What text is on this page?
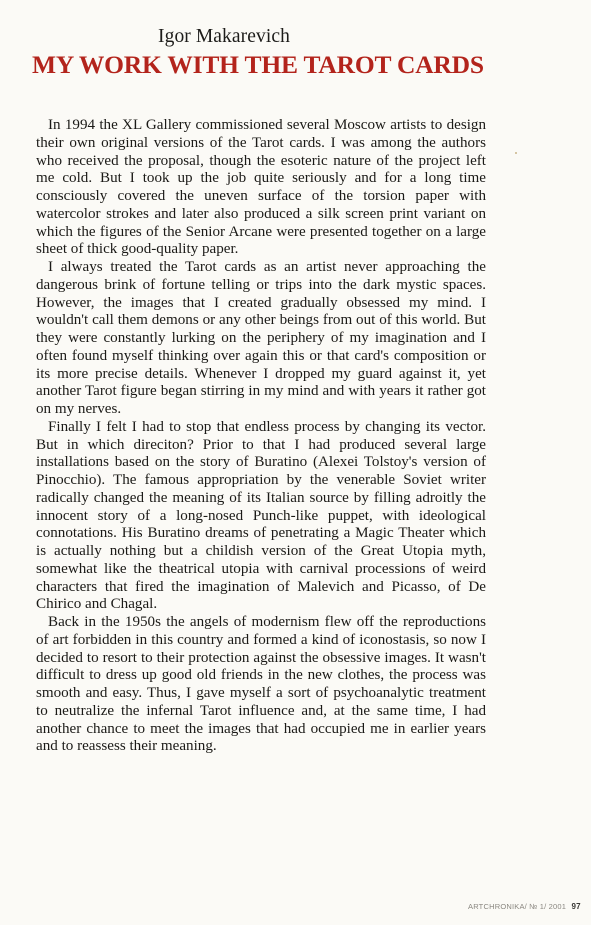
Igor Makarevich
MY WORK WITH THE TAROT CARDS

In 1994 the XL Gallery commissioned several Moscow artists to design their own original versions of the Tarot cards. I was among the authors who received the proposal, though the esoteric nature of the project left me cold. But I took up the job quite seriously and for a long time consciously covered the uneven surface of the torsion paper with watercolor strokes and later also produced a silk screen print variant on which the figures of the Senior Arcane were presented together on a large sheet of thick good-quality paper.

I always treated the Tarot cards as an artist never approaching the dangerous brink of fortune telling or trips into the dark mystic spaces. However, the images that I created gradually obsessed my mind. I wouldn't call them demons or any other beings from out of this world. But they were constantly lurking on the periphery of my imagination and I often found myself thinking over again this or that card's composition or its more precise details. Whenever I dropped my guard against it, yet another Tarot figure began stirring in my mind and with years it rather got on my nerves.

Finally I felt I had to stop that endless process by changing its vector. But in which direciton? Prior to that I had produced several large installations based on the story of Buratino (Alexei Tolstoy's version of Pinocchio). The famous appropriation by the venerable Soviet writer radically changed the meaning of its Italian source by filling adroitly the innocent story of a long-nosed Punch-like puppet, with ideological connotations. His Buratino dreams of penetrating a Magic Theater which is actually nothing but a childish version of the Great Utopia myth, somewhat like the theatrical utopia with carnival processions of weird characters that fired the imagination of Malevich and Picasso, of De Chirico and Chagal.

Back in the 1950s the angels of modernism flew off the reproductions of art forbidden in this country and formed a kind of iconostasis, so now I decided to resort to their protection against the obsessive images. It wasn't difficult to dress up good old friends in the new clothes, the process was smooth and easy. Thus, I gave myself a sort of psychoanalytic treatment to neutralize the infernal Tarot influence and, at the same time, I had another chance to meet the images that had occupied me in earlier years and to reassess their meaning.

ARTCHRONIKA/ № 1/ 2001 97
